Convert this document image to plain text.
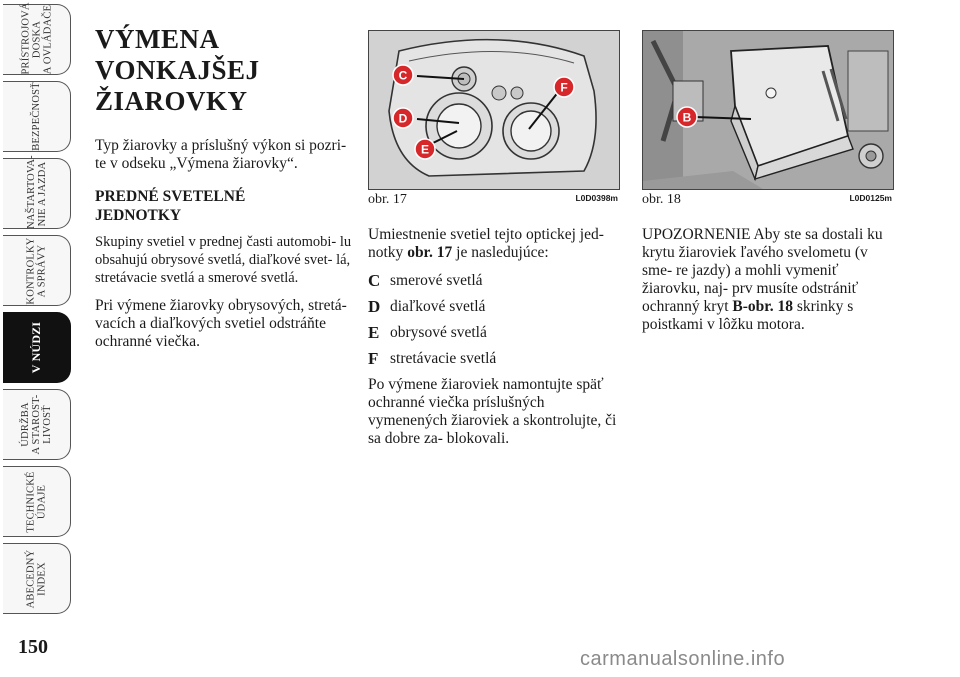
PRÍSTROJOVÁ
DOSKA
A OVLÁDAČE
BEZPEČNOSŤ
NAŠTARTOVA-
NIE A JAZDA
KONTROLKY
A SPRÁVY
V NÚDZI
ÚDRŽBA
A STAROST-
LIVOSŤ
TECHNICKÉ
ÚDAJE
ABECEDNÝ
INDEX
150
VÝMENA
VONKAJŠEJ
ŽIAROVKY

Typ žiarovky a príslušný výkon si pozri- te v odseku „Výmena žiarovky“.

PREDNÉ SVETELNÉ
JEDNOTKY

Skupiny svetiel v prednej časti automobi- lu obsahujú obrysové svetlá, diaľkové svet- lá, stretávacie svetlá a smerové svetlá.

Pri výmene žiarovky obrysových, stretá- vacích a diaľkových svetiel odstráňte ochranné viečka.

C
D
E
F
obr. 17	L0D0398m
B
obr. 18	L0D0125m

Umiestnenie svetiel tejto optickej jed- notky obr. 17 je nasledujúce:

C smerové svetlá
D diaľkové svetlá
E obrysové svetlá
F stretávacie svetlá

Po výmene žiaroviek namontujte späť ochranné viečka príslušných vymenených žiaroviek a skontrolujte, či sa dobre za- blokovali.

UPOZORNENIE Aby ste sa dostali ku krytu žiaroviek ľavého svelometu (v sme- re jazdy) a mohli vymeniť žiarovku, naj- prv musíte odstrániť ochranný kryt B-obr. 18 skrinky s poistkami v lôžku motora.

carmanualsonline.info
